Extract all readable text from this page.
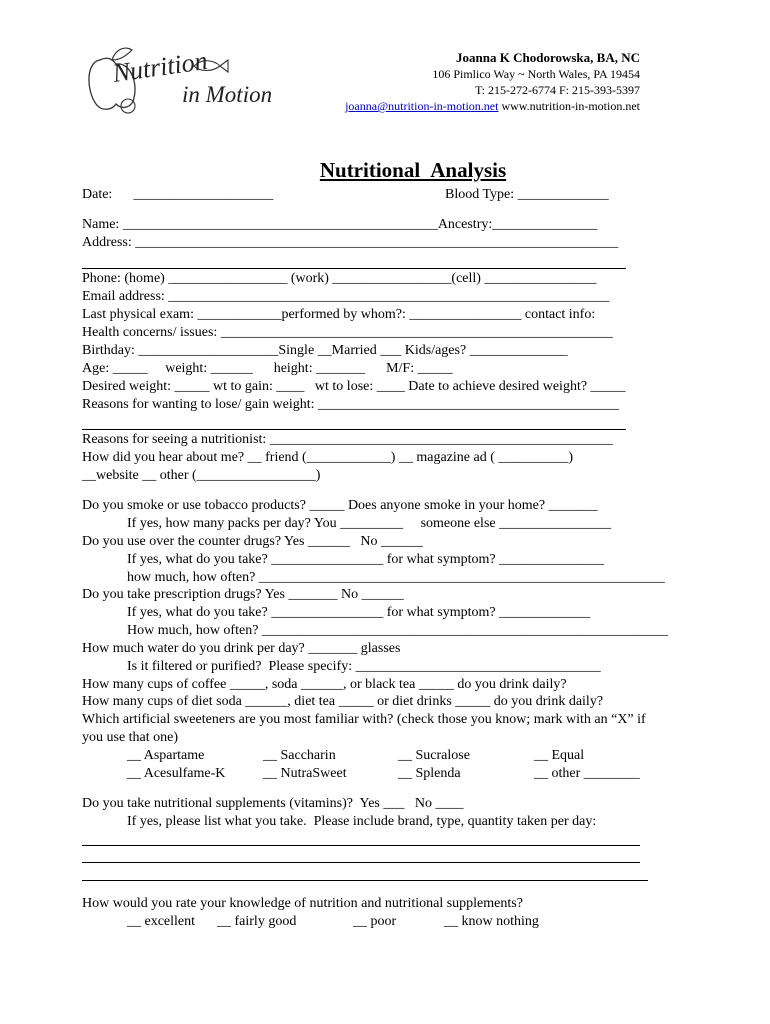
Nutrition
in Motion
Joanna K Chodorowska, BA, NC
106 Pimlico Way ~ North Wales, PA 19454
T: 215-272-6774 F: 215-393-5397
joanna@nutrition-in-motion.net www.nutrition-in-motion.net
Nutritional Analysis
Date:      ____________________	Blood Type: _____________
Name: _____________________________________________Ancestry:_______________
Address: _____________________________________________________________________
Phone: (home) _________________ (work) _________________(cell) ________________
Email address: _______________________________________________________________
Last physical exam: ____________performed by whom?: ________________ contact info:
Health concerns/ issues: ________________________________________________________
Birthday: ____________________Single __Married ___ Kids/ages? ______________
Age: _____     weight: ______      height: _______      M/F: _____
Desired weight: _____ wt to gain: ____   wt to lose: ____ Date to achieve desired weight? _____
Reasons for wanting to lose/ gain weight: ___________________________________________
Reasons for seeing a nutritionist: _________________________________________________
How did you hear about me? __ friend (____________) __ magazine ad ( __________)
__website __ other (_________________)
Do you smoke or use tobacco products? _____ Does anyone smoke in your home? _______
If yes, how many packs per day? You _________     someone else ________________
Do you use over the counter drugs? Yes ______   No ______
If yes, what do you take? ________________ for what symptom? _______________
how much, how often? __________________________________________________________
Do you take prescription drugs? Yes _______ No ______
If yes, what do you take? ________________ for what symptom? _____________
How much, how often? __________________________________________________________
How much water do you drink per day? _______ glasses
Is it filtered or purified?  Please specify: ___________________________________
How many cups of coffee _____, soda ______, or black tea _____ do you drink daily?
How many cups of diet soda ______, diet tea _____ or diet drinks _____ do you drink daily?
Which artificial sweeteners are you most familiar with? (check those you know; mark with an “X” if
you use that one)
__ Aspartame	__ Saccharin	__ Sucralose	__ Equal
__ Acesulfame-K	__ NutraSweet	__ Splenda	__ other ________
Do you take nutritional supplements (vitamins)?  Yes ___   No ____
If yes, please list what you take.  Please include brand, type, quantity taken per day:
How would you rate your knowledge of nutrition and nutritional supplements?
__ excellent __ fairly good	__ poor	__ know nothing
